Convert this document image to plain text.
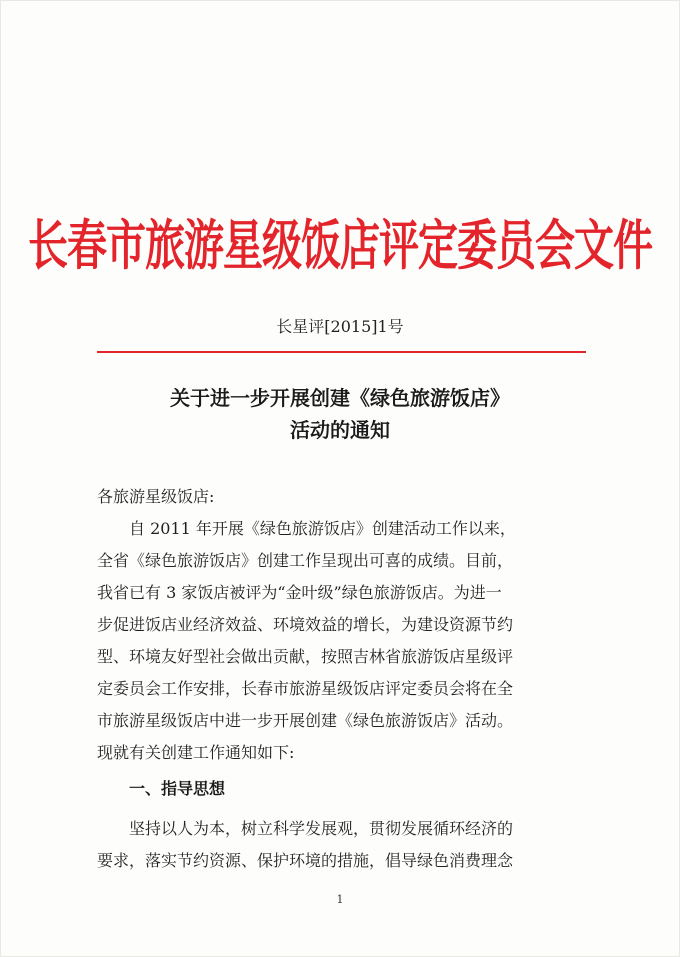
长春市旅游星级饭店评定委员会文件
长星评[2015]1号
关于进一步开展创建《绿色旅游饭店》
活动的通知
各旅游星级饭店:
自 2011 年开展《绿色旅游饭店》创建活动工作以来，
全省《绿色旅游饭店》创建工作呈现出可喜的成绩。目前，
我省已有 3 家饭店被评为“金叶级”绿色旅游饭店。为进一
步促进饭店业经济效益、环境效益的增长，为建设资源节约
型、环境友好型社会做出贡献，按照吉林省旅游饭店星级评
定委员会工作安排，长春市旅游星级饭店评定委员会将在全
市旅游星级饭店中进一步开展创建《绿色旅游饭店》活动。
现就有关创建工作通知如下:
一、指导思想
坚持以人为本，树立科学发展观，贯彻发展循环经济的
要求，落实节约资源、保护环境的措施，倡导绿色消费理念
1
